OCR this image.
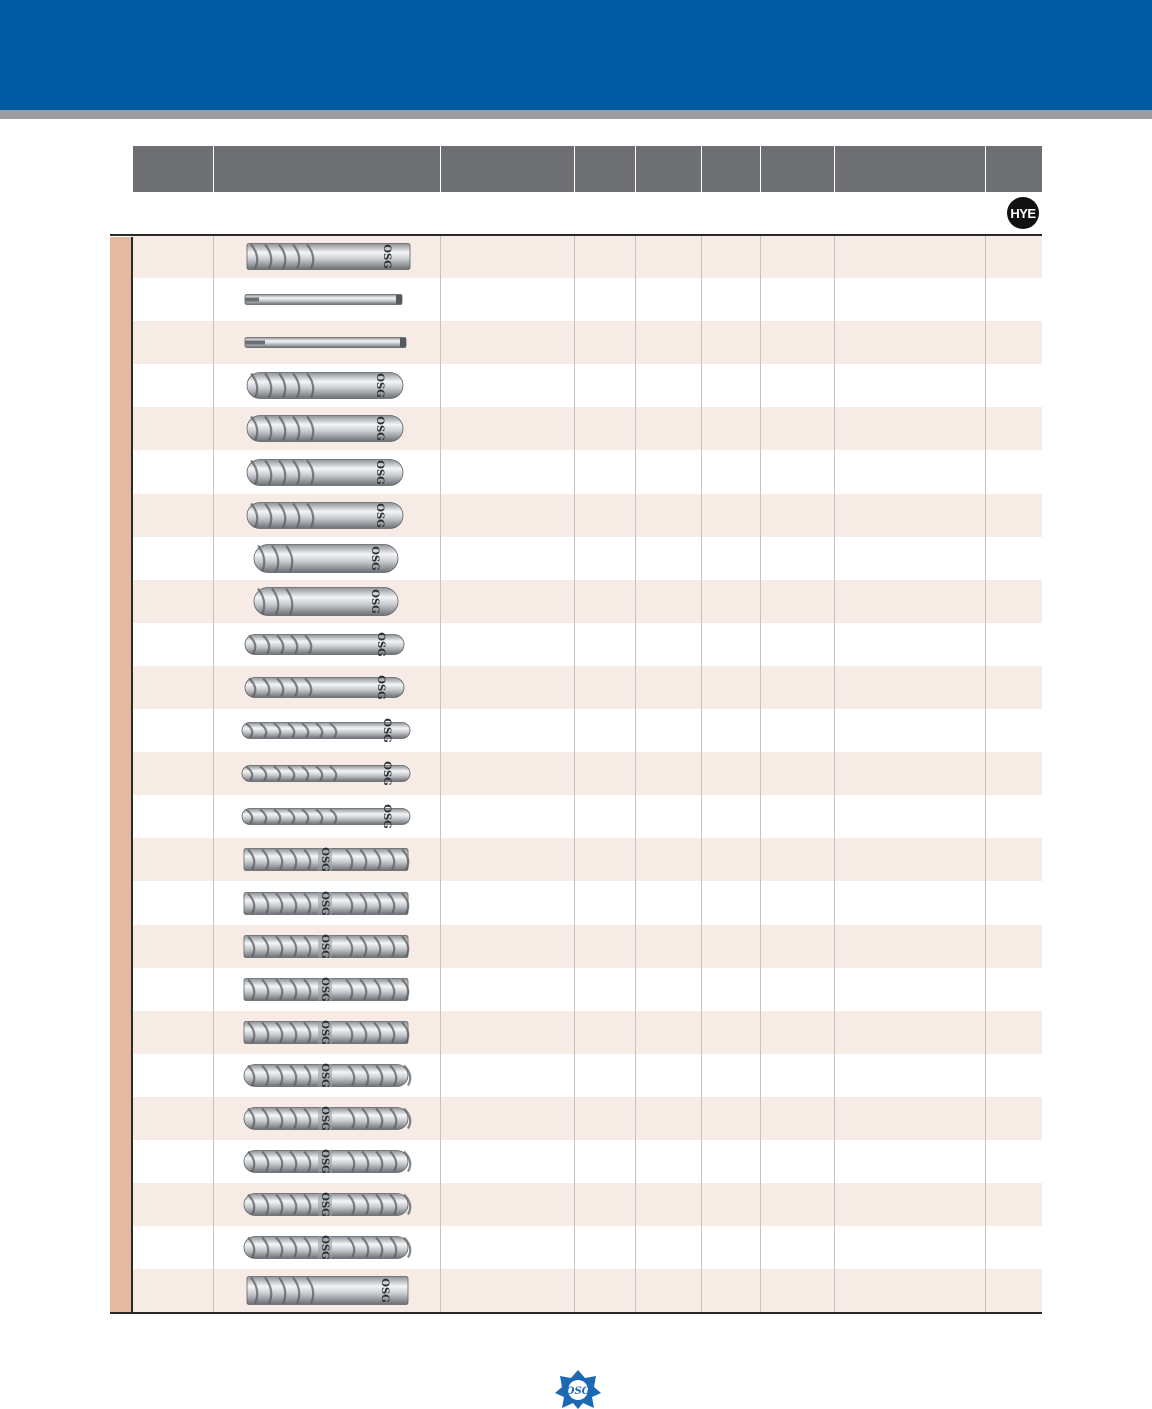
HYE
OSG
OSG
OSG
OSG
OSG
OSG
OSG
OSG
OSG
OSG
OSG
OSG
OSG
OSG
OSG
OSG
OSG
OSG
OSG
OSG
OSG
OSG
OSG
OSG
